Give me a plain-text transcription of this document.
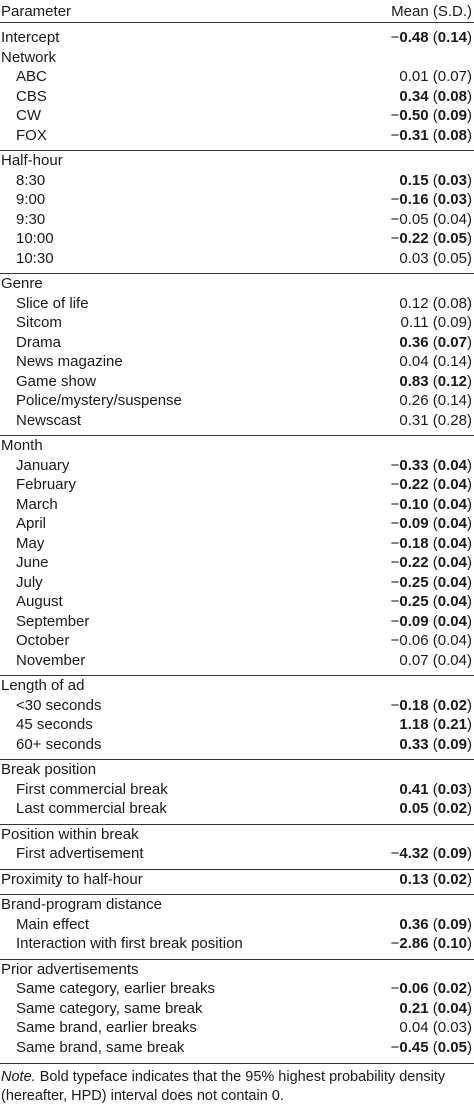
Parameter	Mean (S.D.)
Intercept	−0.48 (0.14)
Network
ABC	0.01 (0.07)
CBS	0.34 (0.08)
CW	−0.50 (0.09)
FOX	−0.31 (0.08)
Half-hour
8:30	0.15 (0.03)
9:00	−0.16 (0.03)
9:30	−0.05 (0.04)
10:00	−0.22 (0.05)
10:30	0.03 (0.05)
Genre
Slice of life	0.12 (0.08)
Sitcom	0.11 (0.09)
Drama	0.36 (0.07)
News magazine	0.04 (0.14)
Game show	0.83 (0.12)
Police/mystery/suspense	0.26 (0.14)
Newscast	0.31 (0.28)
Month
January	−0.33 (0.04)
February	−0.22 (0.04)
March	−0.10 (0.04)
April	−0.09 (0.04)
May	−0.18 (0.04)
June	−0.22 (0.04)
July	−0.25 (0.04)
August	−0.25 (0.04)
September	−0.09 (0.04)
October	−0.06 (0.04)
November	0.07 (0.04)
Length of ad
<30 seconds	−0.18 (0.02)
45 seconds	1.18 (0.21)
60+ seconds	0.33 (0.09)
Break position
First commercial break	0.41 (0.03)
Last commercial break	0.05 (0.02)
Position within break
First advertisement	−4.32 (0.09)
Proximity to half-hour	0.13 (0.02)
Brand-program distance
Main effect	0.36 (0.09)
Interaction with first break position	−2.86 (0.10)
Prior advertisements
Same category, earlier breaks	−0.06 (0.02)
Same category, same break	0.21 (0.04)
Same brand, earlier breaks	0.04 (0.03)
Same brand, same break	−0.45 (0.05)
Note. Bold typeface indicates that the 95% highest probability density (hereafter, HPD) interval does not contain 0.
